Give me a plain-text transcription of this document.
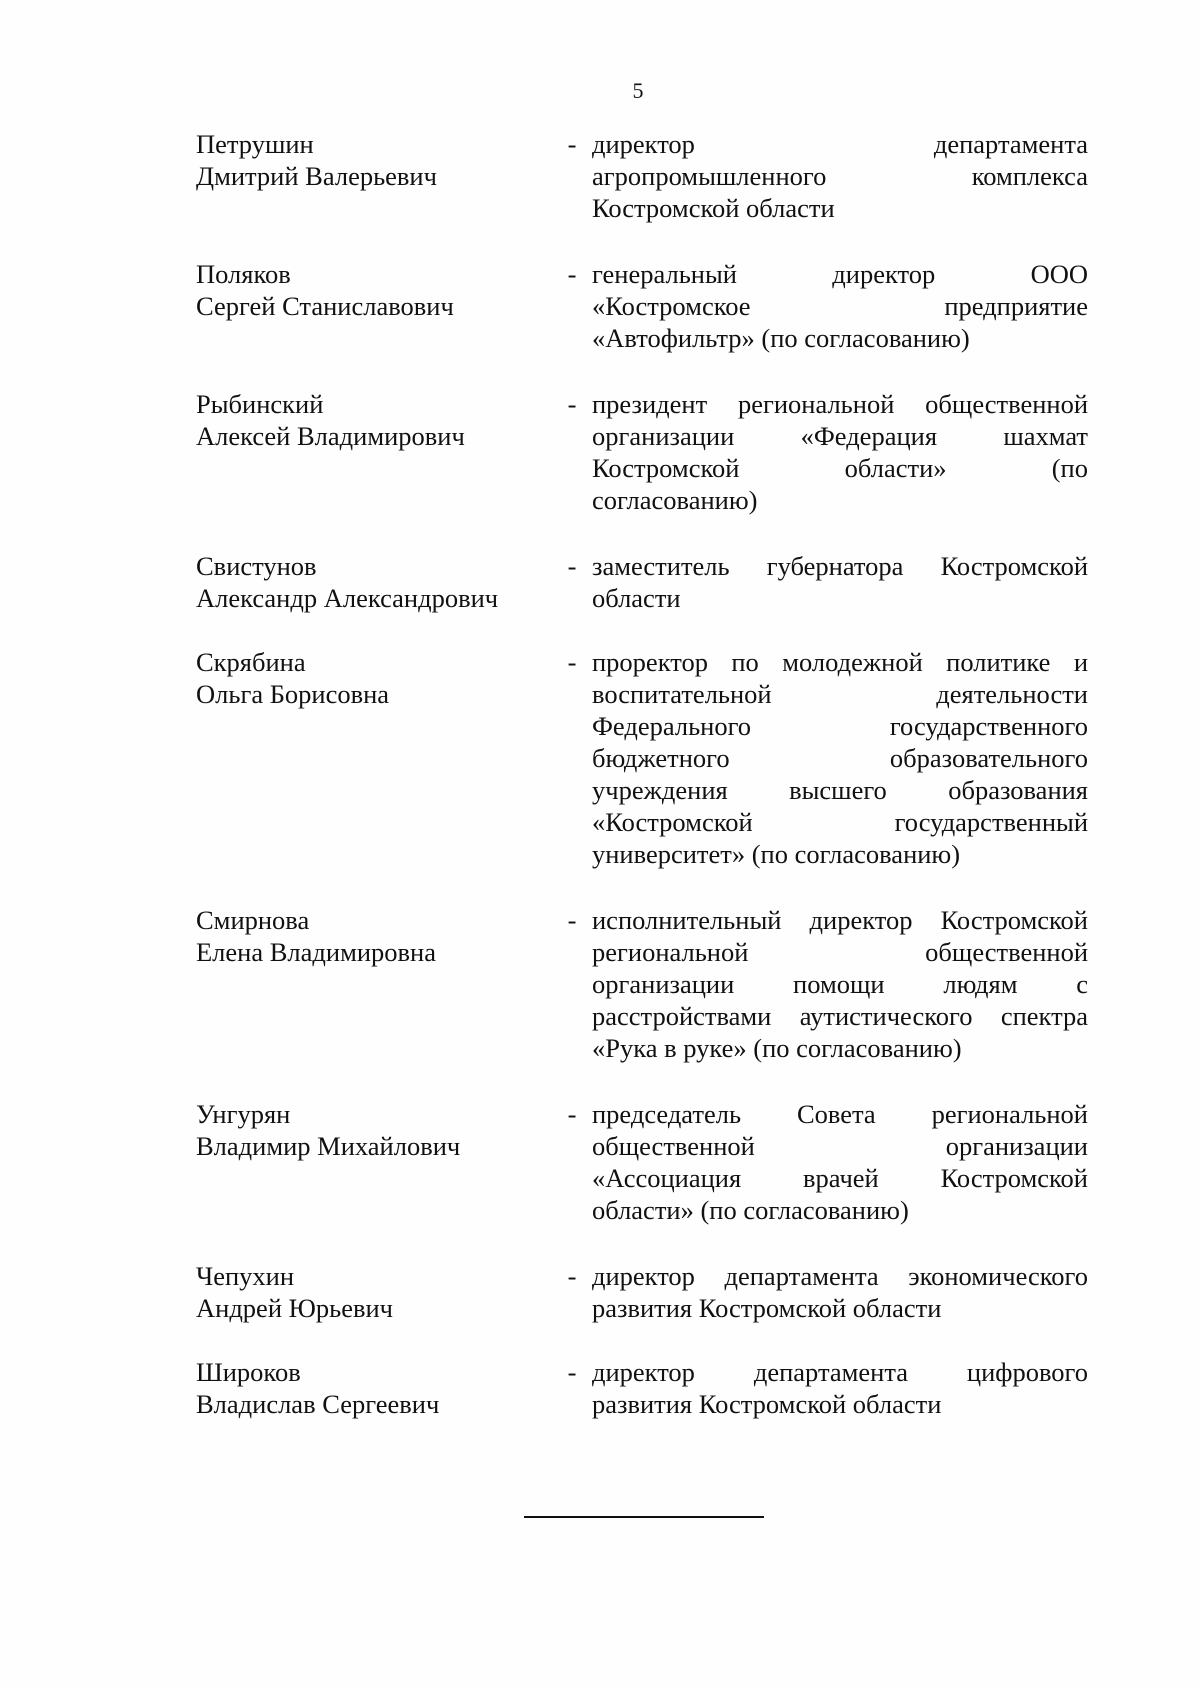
5
Петрушин
Дмитрий Валерьевич
- директор департамента
агропромышленного комплекса
Костромской области
Поляков
Сергей Станиславович
- генеральный директор ООО
«Костромское предприятие
«Автофильтр» (по согласованию)
Рыбинский
Алексей Владимирович
- президент региональной общественной
организации «Федерация шахмат
Костромской области» (по
согласованию)
Свистунов
Александр Александрович
- заместитель губернатора Костромской
области
Скрябина
Ольга Борисовна
- проректор по молодежной политике и
воспитательной деятельности
Федерального государственного
бюджетного образовательного
учреждения высшего образования
«Костромской государственный
университет» (по согласованию)
Смирнова
Елена Владимировна
- исполнительный директор Костромской
региональной общественной
организации помощи людям с
расстройствами аутистического спектра
«Рука в руке» (по согласованию)
Унгурян
Владимир Михайлович
- председатель Совета региональной
общественной организации
«Ассоциация врачей Костромской
области» (по согласованию)
Чепухин
Андрей Юрьевич
- директор департамента экономического
развития Костромской области
Широков
Владислав Сергеевич
- директор департамента цифрового
развития Костромской области
